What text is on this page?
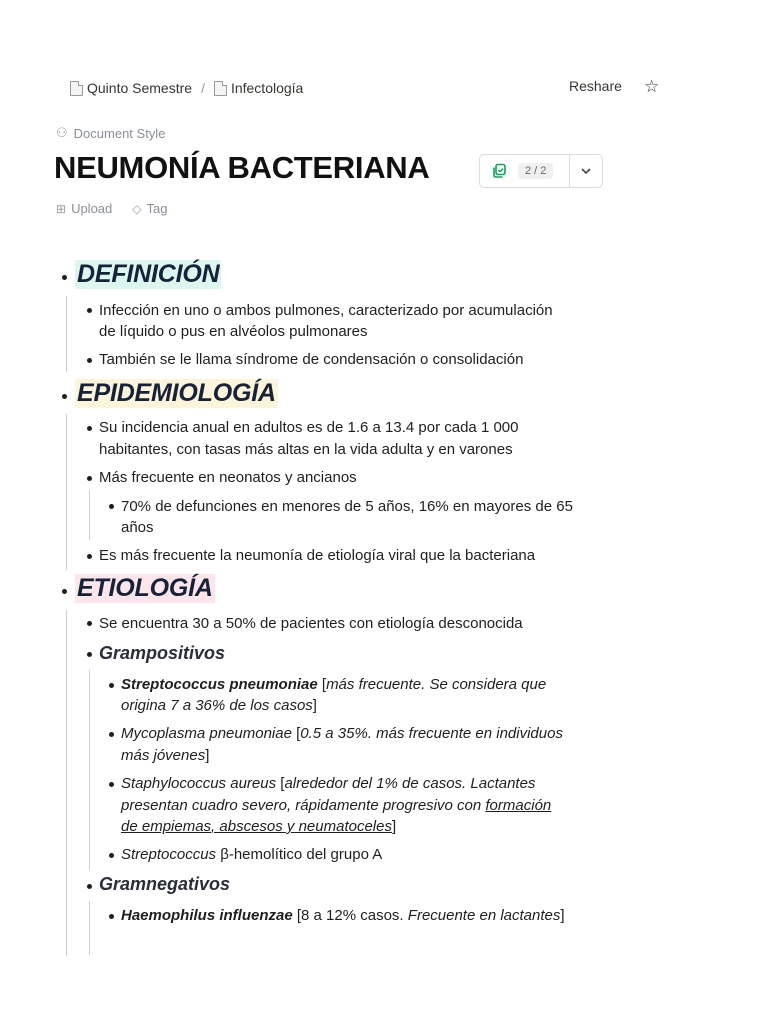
Quinto Semestre / Infectología	Reshare ☆
⚇ Document Style
NEUMONÍA BACTERIANA	2 / 2
⊞ Upload ◇ Tag
DEFINICIÓN
Infección en uno o ambos pulmones, caracterizado por acumulación
de líquido o pus en alvéolos pulmonares
También se le llama síndrome de condensación o consolidación
EPIDEMIOLOGÍA
Su incidencia anual en adultos es de 1.6 a 13.4 por cada 1 000
habitantes, con tasas más altas en la vida adulta y en varones
Más frecuente en neonatos y ancianos
70% de defunciones en menores de 5 años, 16% en mayores de 65
años
Es más frecuente la neumonía de etiología viral que la bacteriana
ETIOLOGÍA
Se encuentra 30 a 50% de pacientes con etiología desconocida
Grampositivos
Streptococcus pneumoniae [más frecuente. Se considera que
origina 7 a 36% de los casos]
Mycoplasma pneumoniae [0.5 a 35%. más frecuente en individuos
más jóvenes]
Staphylococcus aureus [alrededor del 1% de casos. Lactantes
presentan cuadro severo, rápidamente progresivo con formación
de empiemas, abscesos y neumatoceles]
Streptococcus β-hemolítico del grupo A
Gramnegativos
Haemophilus influenzae [8 a 12% casos. Frecuente en lactantes]
